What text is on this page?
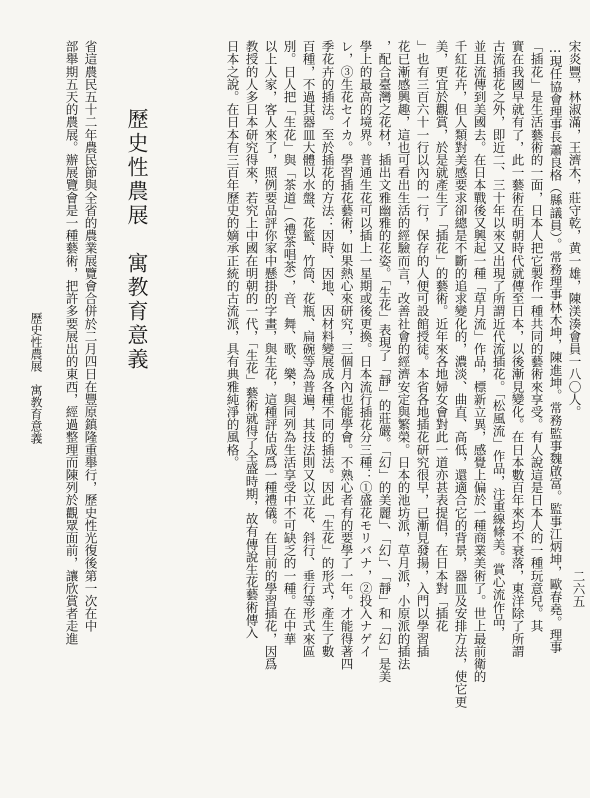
二六五
宋炎豐，林淑滿，王濟木，莊守乾，黄一雄，陳渼湊會員一八〇人。
…現任協會理事長蕭良格（縣議員）。常務理事林木坤，陳進坤。常務監事魏啟富。監事江炳坤，歐春堯。理事
「插花」是生活藝術的一面，日本人把它製作一種共同的藝術來享受。有人說這是日本人的一種玩意兒。其
實在我國早就有了，此一藝術在明朝時代就傳至日本，以後漸見變化。在日本數百年來均不衰落，東洋除了所謂
古流插花之外，即近二、三十年以來又出現了所謂近代流插花。「松風流」作品，注重線條美。賞心流作品，
並且流傳到美國去。在日本戰後又興起一種「草月流」作品，標新立異，感覺上偏於一種商業美術了。世上最前衛的
千紅花卉，但人類對美感要求卻總是不斷的追求變化的，濃淡、曲直、高低，還適合它的背景，器皿及安排方法，使它更
美，更宜於觀賞，於是就產生了「插花」的藝術。近年來各地婦女會對此一道亦甚表提倡，在日本對「插花
」也有三百六十一行以內的一行，保存的人便可設館授徒。本省各地插花研究很早，已漸見發揚，入門以學習插
花已漸感興趣，這也可看出生活的經驗而言，改善社會的經濟安定與繁榮。日本的池坊派，草月派，小原派的插法
，配合臺灣之花材，插出文雅幽雅的花姿。「生花」表現了「靜」的莊嚴。「幻」的美麗」、「幻」、「靜」和「幻」是美
學上的最高的境界。普通生花可以插上一星期或後更換。日本流行插花分三種：①盛花モリバナ，②投入ナゲイ
レ，③生花セイカ。學習插花藝術，如果熱心來研究，三個月內也能學會。不熟心者有的要學了一年。才能得著四
季花卉的插法。至於插花的方法：因時、因地、因材料變展成各種不同的插法。因此「生花」的形式，產生了數
百種，不過其器皿大體以水盤、花籃、竹筒、花瓶、扁碗等為普遍，其技法則又以立花、斜行、垂行等形式來區
別。日人把「生花」與「茶道」（禮茶唱茶），音、舞、歌、樂，與同列為生活享受中不可缺乏的一種。在中華
以上人家，客人來了，照例要品評你家中懸掛的字畫，與生花，這種評估成爲一種禮儀。在目前的學習插花，因爲
教授的人多日本研究得來，若究上中國在明朝的一代，「生花」藝術就得了全盛時期，故有傳說生花藝術傳入
日本之說。在日本有三百年歷史的嫡承正統的古流派，具有典雅純淨的風格。
歷史性農展　寓教育意義
省這農民五十二年農民節與全省的農業展覽會合併於二月四日在豐原鎮隆重舉行，歷史性光復後第一次在中
部舉期五天的農展。辦展覽會是一種藝術，把許多要展出的東西，經過整理而陳列於觀眾面前，讓欣賞者走進
歷史性農展　寓教育意義
